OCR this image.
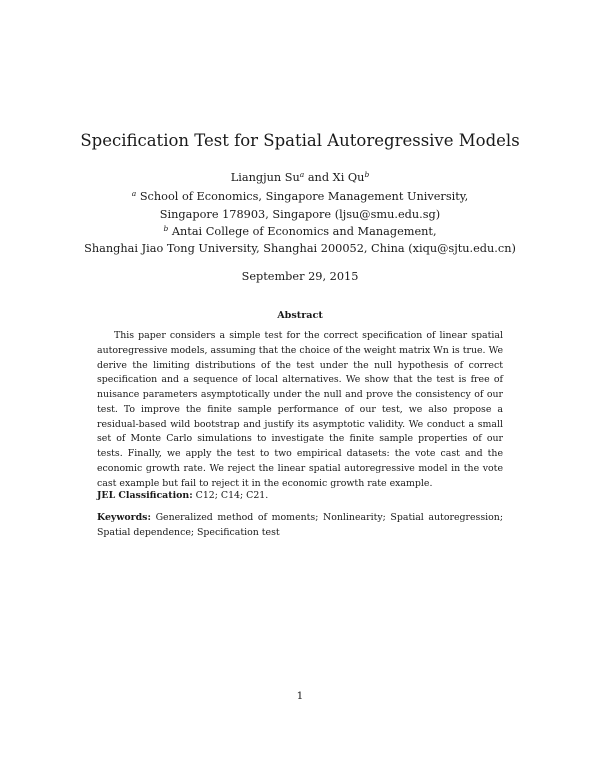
Specification Test for Spatial Autoregressive Models
Liangjun Su$^a$ and Xi Qu$^b$
$^a$ School of Economics, Singapore Management University,
Singapore 178903, Singapore (ljsu@smu.edu.sg)
$^b$ Antai College of Economics and Management,
Shanghai Jiao Tong University, Shanghai 200052, China (xiqu@sjtu.edu.cn)
September 29, 2015
Abstract

This paper considers a simple test for the correct specification of linear spatial autoregressive models, assuming that the choice of the weight matrix Wn is true. We derive the limiting distributions of the test under the null hypothesis of correct specification and a sequence of local alternatives. We show that the test is free of nuisance parameters asymptotically under the null and prove the consistency of our test. To improve the finite sample performance of our test, we also propose a residual-based wild bootstrap and justify its asymptotic validity. We conduct a small set of Monte Carlo simulations to investigate the finite sample properties of our tests. Finally, we apply the test to two empirical datasets: the vote cast and the economic growth rate. We reject the linear spatial autoregressive model in the vote cast example but fail to reject it in the economic growth rate example.

JEL Classification: C12; C14; C21.

Keywords: Generalized method of moments; Nonlinearity; Spatial autoregression; Spatial dependence; Specification test

1
